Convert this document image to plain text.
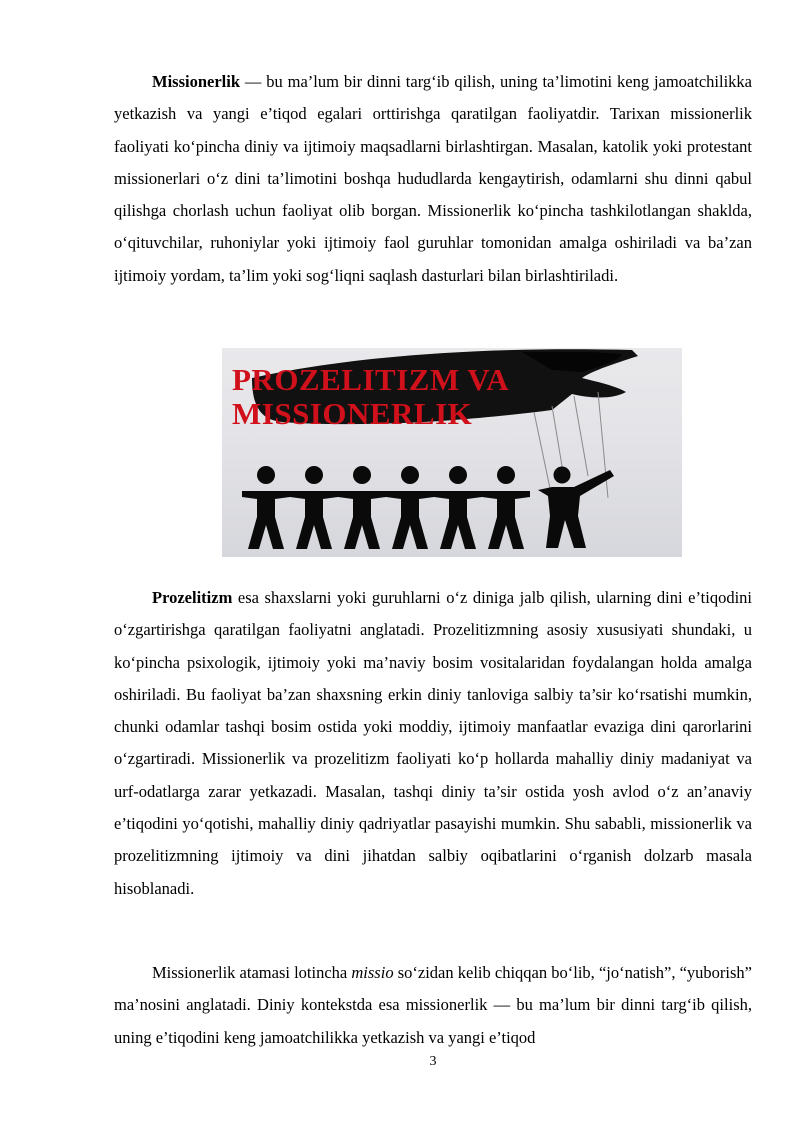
Missionerlik — bu ma’lum bir dinni targ‘ib qilish, uning ta’limotini keng jamoatchilikka yetkazish va yangi e’tiqod egalari orttirishga qaratilgan faoliyatdir. Tarixan missionerlik faoliyati ko‘pincha diniy va ijtimoiy maqsadlarni birlashtirgan. Masalan, katolik yoki protestant missionerlari o‘z dini ta’limotini boshqa hududlarda kengaytirish, odamlarni shu dinni qabul qilishga chorlash uchun faoliyat olib borgan. Missionerlik ko‘pincha tashkilotlangan shaklda, o‘qituvchilar, ruhoniylar yoki ijtimoiy faol guruhlar tomonidan amalga oshiriladi va ba’zan ijtimoiy yordam, ta’lim yoki sog‘liqni saqlash dasturlari bilan birlashtiriladi.

PROZELITIZM VA
MISSIONERLIK

Prozelitizm esa shaxslarni yoki guruhlarni o‘z diniga jalb qilish, ularning dini e’tiqodini o‘zgartirishga qaratilgan faoliyatni anglatadi. Prozelitizmning asosiy xususiyati shundaki, u ko‘pincha psixologik, ijtimoiy yoki ma’naviy bosim vositalaridan foydalangan holda amalga oshiriladi. Bu faoliyat ba’zan shaxsning erkin diniy tanloviga salbiy ta’sir ko‘rsatishi mumkin, chunki odamlar tashqi bosim ostida yoki moddiy, ijtimoiy manfaatlar evaziga dini qarorlarini o‘zgartiradi. Missionerlik va prozelitizm faoliyati ko‘p hollarda mahalliy diniy madaniyat va urf-odatlarga zarar yetkazadi. Masalan, tashqi diniy ta’sir ostida yosh avlod o‘z an’anaviy e’tiqodini yo‘qotishi, mahalliy diniy qadriyatlar pasayishi mumkin. Shu sababli, missionerlik va prozelitizmning ijtimoiy va dini jihatdan salbiy oqibatlarini o‘rganish dolzarb masala hisoblanadi.

Missionerlik atamasi lotincha missio so‘zidan kelib chiqqan bo‘lib, “jo‘natish”, “yuborish” ma’nosini anglatadi. Diniy kontekstda esa missionerlik — bu ma’lum bir dinni targ‘ib qilish, uning e’tiqodini keng jamoatchilikka yetkazish va yangi e’tiqod

3
